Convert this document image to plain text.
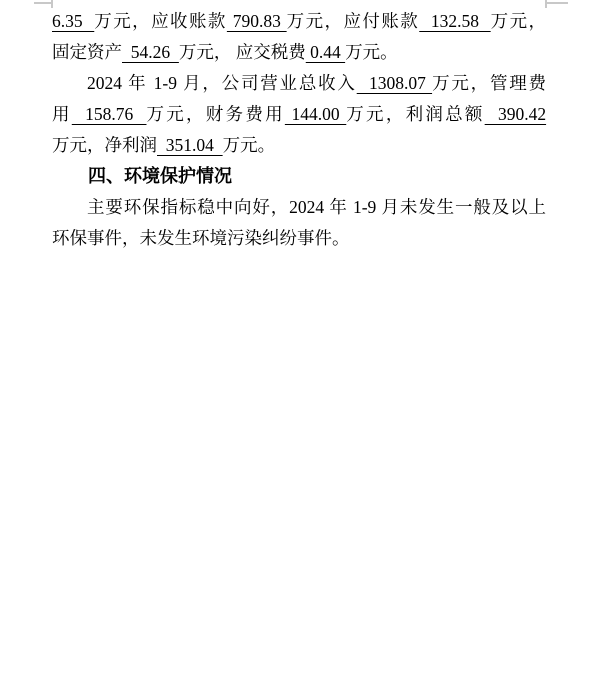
6.35  万元，应收账款 790.83 万元，应付账款  132.58  万元，
固定资产  54.26  万元， 应交税费 0.44 万元。
2024 年 1-9 月，公司营业总收入  1308.07 万元，管理费
用  158.76  万元，财务费用 144.00 万元，利润总额  390.42
万元，净利润  351.04  万元。
四、环境保护情况
主要环保指标稳中向好，2024 年 1-9 月未发生一般及以上
环保事件，未发生环境污染纠纷事件。
